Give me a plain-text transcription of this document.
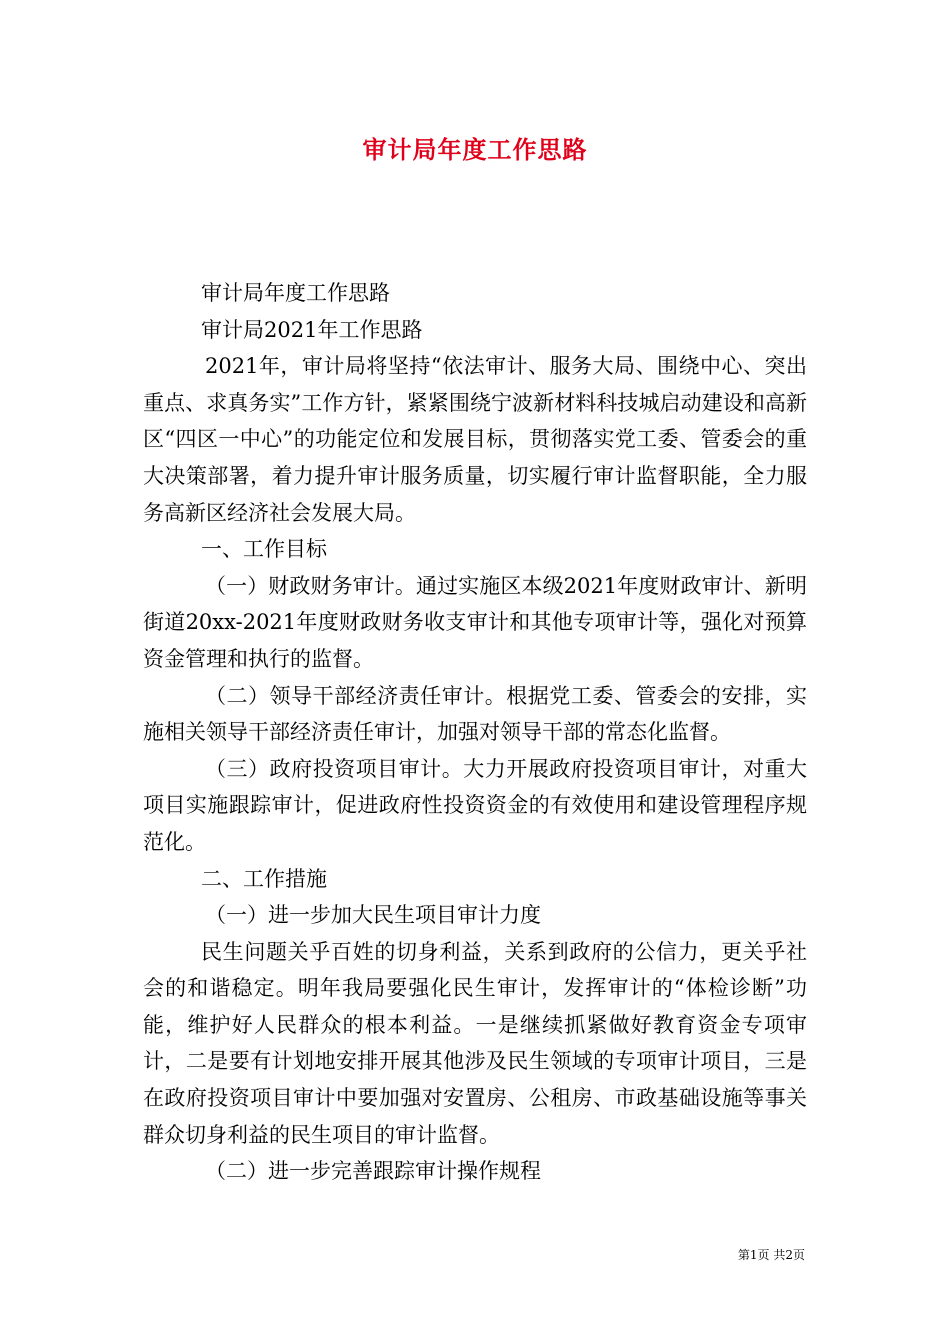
审计局年度工作思路

审计局年度工作思路

审计局2021年工作思路

2021年，审计局将坚持“依法审计、服务大局、围绕中心、突出重点、求真务实”工作方针，紧紧围绕宁波新材料科技城启动建设和高新区“四区一中心”的功能定位和发展目标，贯彻落实党工委、管委会的重大决策部署，着力提升审计服务质量，切实履行审计监督职能，全力服务高新区经济社会发展大局。

一、工作目标

（一）财政财务审计。通过实施区本级2021年度财政审计、新明街道20xx-2021年度财政财务收支审计和其他专项审计等，强化对预算资金管理和执行的监督。

（二）领导干部经济责任审计。根据党工委、管委会的安排，实施相关领导干部经济责任审计，加强对领导干部的常态化监督。

（三）政府投资项目审计。大力开展政府投资项目审计，对重大项目实施跟踪审计，促进政府性投资资金的有效使用和建设管理程序规范化。

二、工作措施

（一）进一步加大民生项目审计力度

民生问题关乎百姓的切身利益，关系到政府的公信力，更关乎社会的和谐稳定。明年我局要强化民生审计，发挥审计的“体检诊断”功能，维护好人民群众的根本利益。一是继续抓紧做好教育资金专项审计，二是要有计划地安排开展其他涉及民生领域的专项审计项目，三是在政府投资项目审计中要加强对安置房、公租房、市政基础设施等事关群众切身利益的民生项目的审计监督。

（二）进一步完善跟踪审计操作规程

第1页 共2页
